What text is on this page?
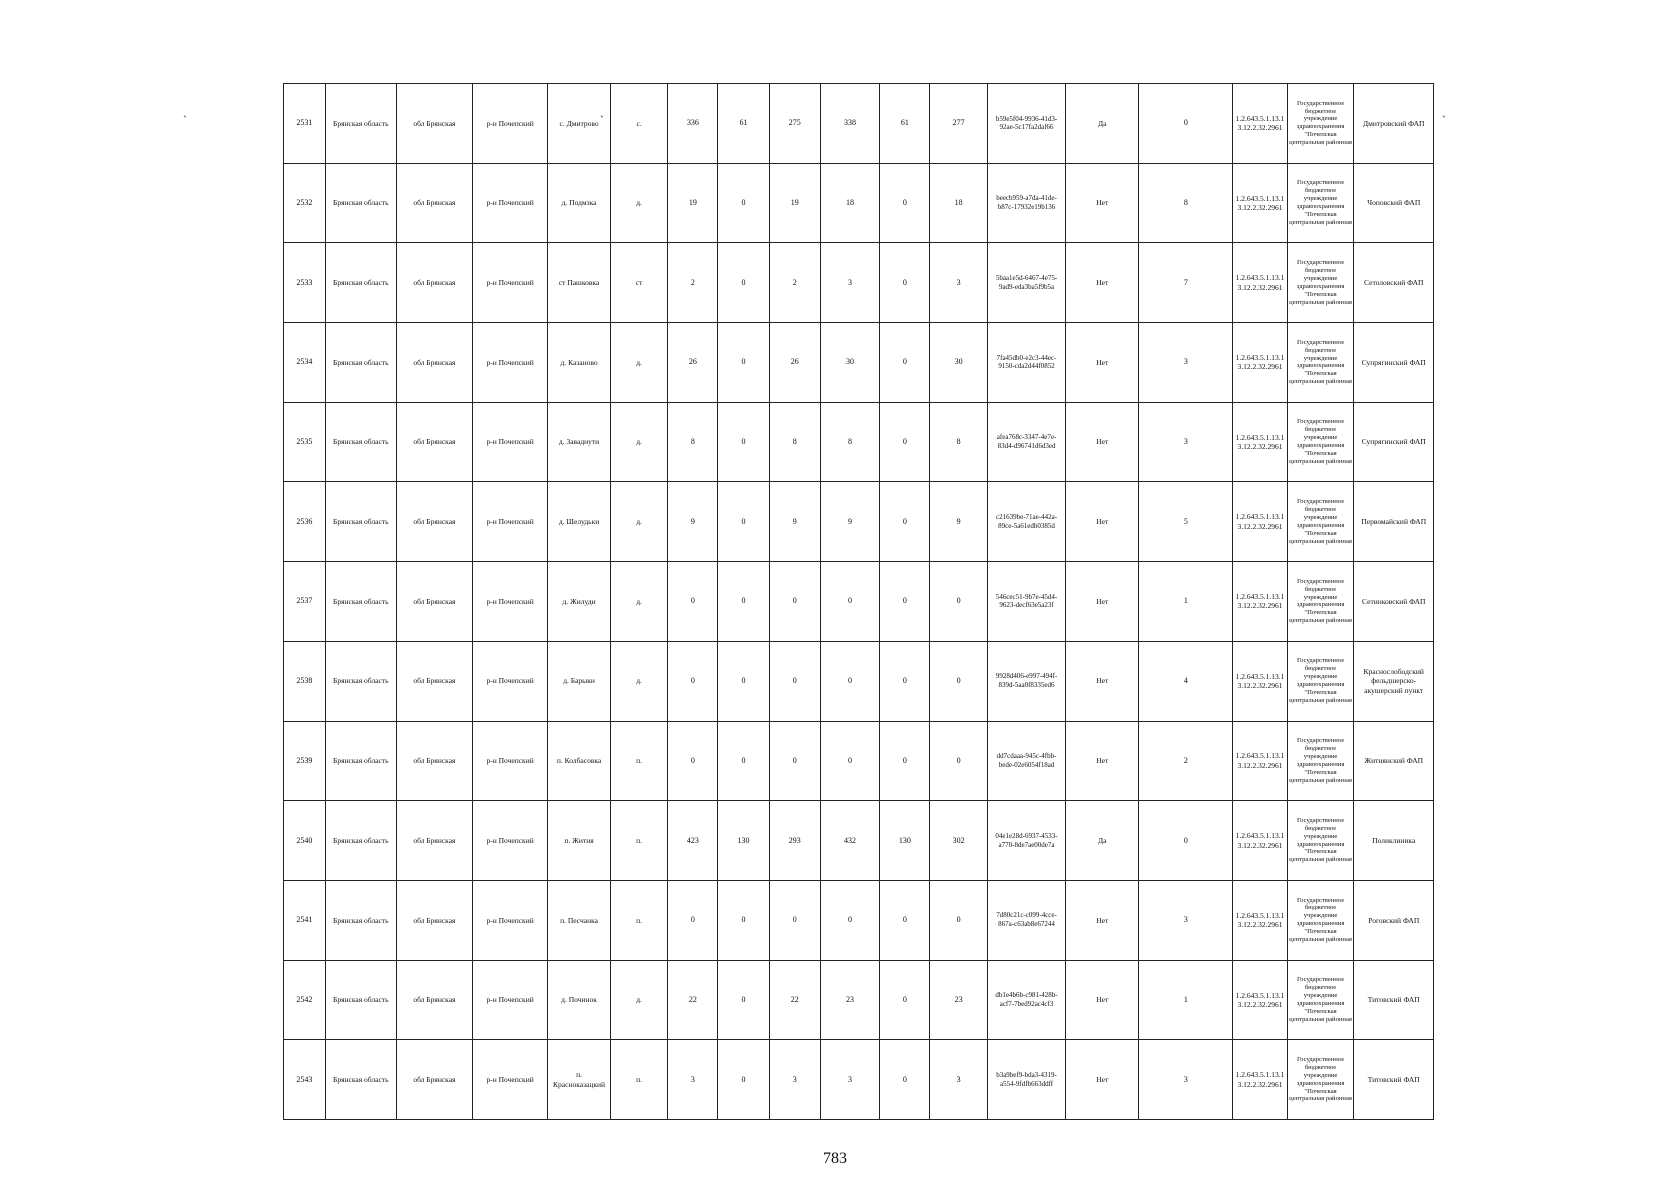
`	`	`
2531	Брянская область	обл Брянская	р-н Почепский	с. Дмитрово	с.	336	61	275	338	61	277	b59e5f04-9936-41d3-92ae-5c17fa2daf66	Да	0	1.2.643.5.1.13.13.12.2.32.2961	Государственное бюджетное учреждение здравоохранения "Почепская центральная районная	Дмитровский ФАП
2532	Брянская область	обл Брянская	р-н Почепский	д. Подмзка	д.	19	0	19	18	0	18	beecb959-a7da-41de-b87c-17932e19b136	Нет	8	1.2.643.5.1.13.13.12.2.32.2961	Государственное бюджетное учреждение здравоохранения "Почепская центральная районная	Чоповский ФАП
2533	Брянская область	обл Брянская	р-н Почепский	ст Пашковка	ст	2	0	2	3	0	3	5baa1e5d-6467-4e75-9ad9-eda3ba5f9b5a	Нет	7	1.2.643.5.1.13.13.12.2.32.2961	Государственное бюджетное учреждение здравоохранения "Почепская центральная районная	Сетоловский ФАП
2534	Брянская область	обл Брянская	р-н Почепский	д. Казаново	д.	26	0	26	30	0	30	7fa45db0-e2c3-44ec-9150-cda2d44f0852	Нет	3	1.2.643.5.1.13.13.12.2.32.2961	Государственное бюджетное учреждение здравоохранения "Почепская центральная районная	Супрягинский ФАП
2535	Брянская область	обл Брянская	р-н Почепский	д. Заваднути	д.	8	0	8	8	0	8	afea768c-3347-4e7e-83d4-d96741d6d3ed	Нет	3	1.2.643.5.1.13.13.12.2.32.2961	Государственное бюджетное учреждение здравоохранения "Почепская центральная районная	Супрягинский ФАП
2536	Брянская область	обл Брянская	р-н Почепский	д. Шелудьки	д.	9	0	9	9	0	9	c21639be-71ae-442a-89ce-5a61edb0385d	Нет	5	1.2.643.5.1.13.13.12.2.32.2961	Государственное бюджетное учреждение здравоохранения "Почепская центральная районная	Первомайский ФАП
2537	Брянская область	обл Брянская	р-н Почепский	д. Жилуди	д.	0	0	0	0	0	0	546cec51-9b7e-45d4-9623-decf63e5a23f	Нет	1	1.2.643.5.1.13.13.12.2.32.2961	Государственное бюджетное учреждение здравоохранения "Почепская центральная районная	Сетинковский ФАП
2538	Брянская область	обл Брянская	р-н Почепский	д. Барыки	д.	0	0	0	0	0	0	9928d406-e997-494f-839d-5aa0f8335ed6	Нет	4	1.2.643.5.1.13.13.12.2.32.2961	Государственное бюджетное учреждение здравоохранения "Почепская центральная районная	Краснослободский фельдшерско-акушерский пункт
2539	Брянская область	обл Брянская	р-н Почепский	п. Колбасовка	п.	0	0	0	0	0	0	dd7cdaaa-945c-4fbb-bede-02e6054f18ad	Нет	2	1.2.643.5.1.13.13.12.2.32.2961	Государственное бюджетное учреждение здравоохранения "Почепская центральная районная	Житнянский ФАП
2540	Брянская область	обл Брянская	р-н Почепский	п. Житня	п.	423	130	293	432	130	302	04e1e28d-6937-4533-a770-8de7ae00de7a	Да	0	1.2.643.5.1.13.13.12.2.32.2961	Государственное бюджетное учреждение здравоохранения "Почепская центральная районная	Поликлиника
2541	Брянская область	обл Брянская	р-н Почепский	п. Песчанка	п.	0	0	0	0	0	0	7d80c21c-c099-4cce-867a-c63ab8e67244	Нет	3	1.2.643.5.1.13.13.12.2.32.2961	Государственное бюджетное учреждение здравоохранения "Почепская центральная районная	Роговский ФАП
2542	Брянская область	обл Брянская	р-н Почепский	д. Починок	д.	22	0	22	23	0	23	db1e4b6b-c981-428b-acf7-7bed92ac4cf3	Нет	1	1.2.643.5.1.13.13.12.2.32.2961	Государственное бюджетное учреждение здравоохранения "Почепская центральная районная	Титовский ФАП
2543	Брянская область	обл Брянская	р-н Почепский	п. Красноказацкий	п.	3	0	3	3	0	3	b3a9bef9-bda3-4319-a554-9fdfb663ddff	Нет	3	1.2.643.5.1.13.13.12.2.32.2961	Государственное бюджетное учреждение здравоохранения "Почепская центральная районная	Титовский ФАП
783
